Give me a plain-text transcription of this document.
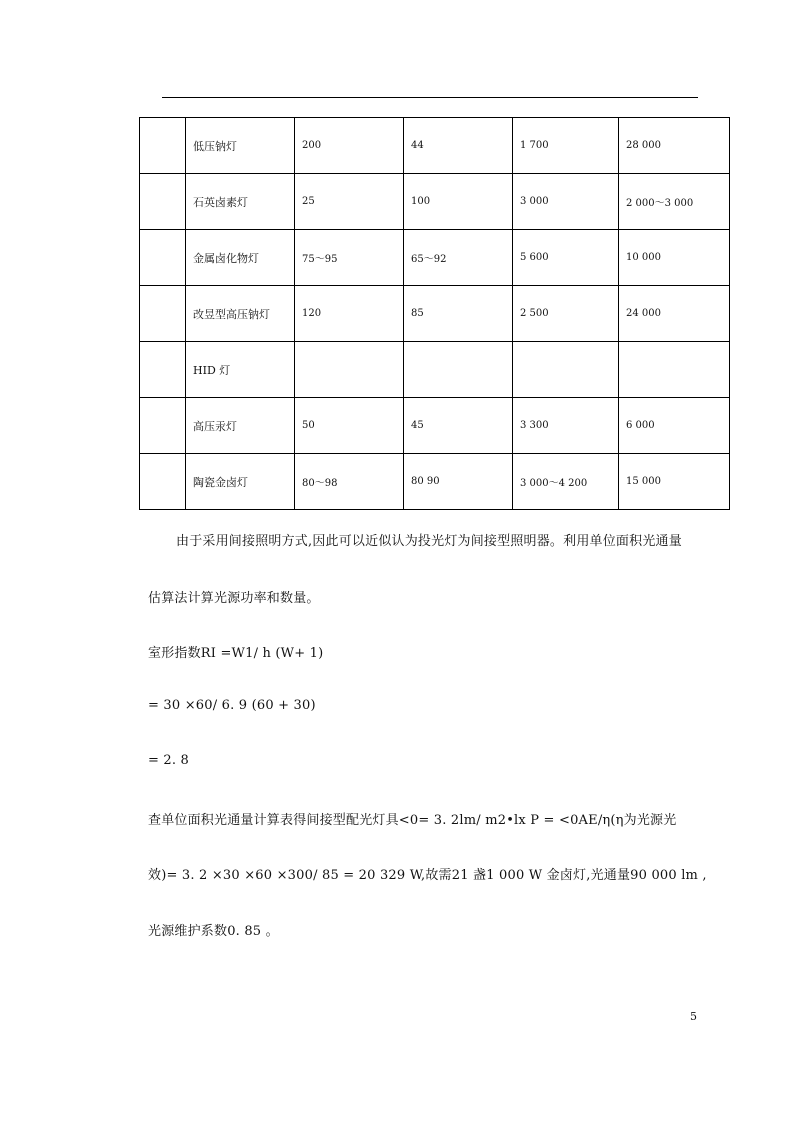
	低压钠灯	200	44	1 700	28 000
	石英卤素灯	25	100	3 000	2 000～3 000
	金属卤化物灯	75～95	65～92	5 600	10 000
	改昱型高压钠灯	120	85	2 500	24 000
	HID 灯				
	高压汞灯	50	45	3 300	6 000
	陶瓷金卤灯	80～98	80 90	3 000～4 200	15 000

由于采用间接照明方式,因此可以近似认为投光灯为间接型照明器。利用单位面积光通量

估算法计算光源功率和数量。

室形指数RI =W1/ h (W+ 1)

= 30 ×60/ 6. 9 (60 + 30)

= 2. 8

查单位面积光通量计算表得间接型配光灯具<0= 3. 2lm/ m2•lx P = <0AE/η(η为光源光

效)= 3. 2 ×30 ×60 ×300/ 85 = 20 329 W,故需21 盏1 000 W 金卤灯,光通量90 000 lm ,

光源维护系数0. 85 。

5
